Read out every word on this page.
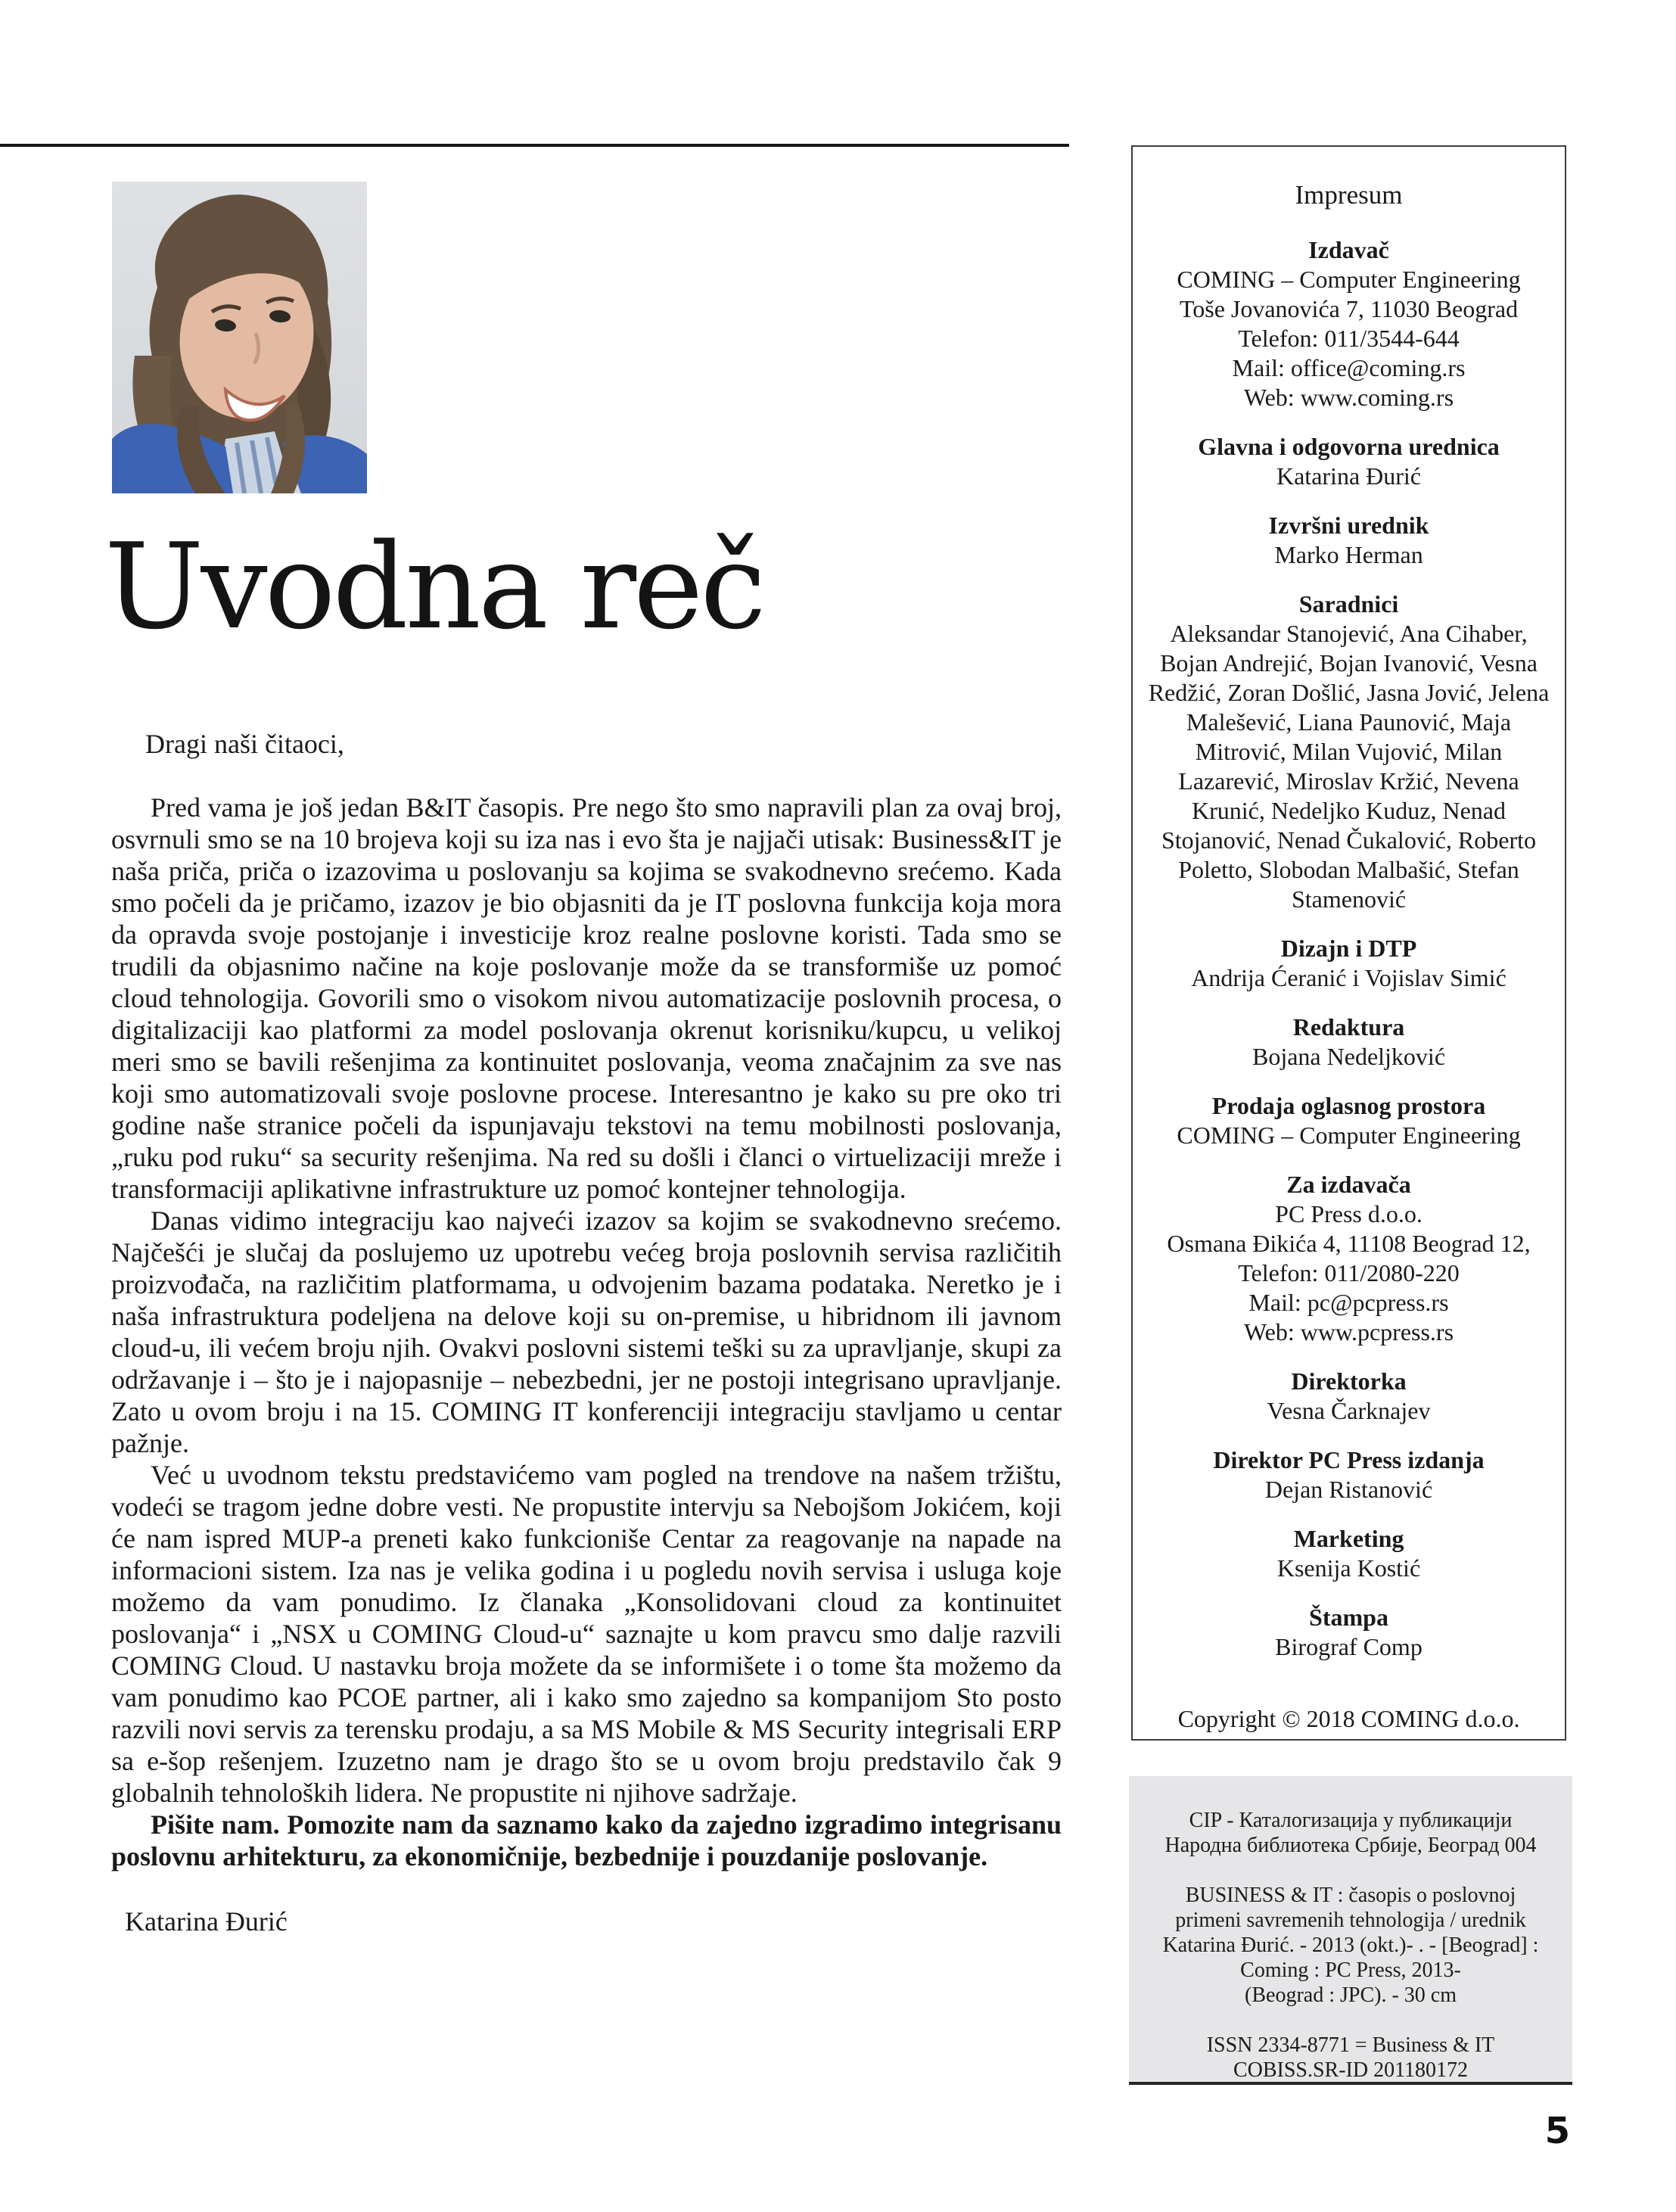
Uvodna reč
Dragi naši čitaoci,

Pred vama je još jedan B&IT časopis. Pre nego što smo napravili plan za ovaj broj, osvrnuli smo se na 10 brojeva koji su iza nas i evo šta je najjači utisak: Business&IT je naša priča, priča o izazovima u poslovanju sa kojima se svakodnevno srećemo. Kada smo počeli da je pričamo, izazov je bio objasniti da je IT poslovna funkcija koja mora da opravda svoje postojanje i investicije kroz realne poslovne koristi. Tada smo se trudili da objasnimo načine na koje poslovanje može da se transformiše uz pomoć cloud tehnologija. Govorili smo o visokom nivou automatizacije poslovnih procesa, o digitalizaciji kao platformi za model poslovanja okrenut korisniku/kupcu, u velikoj meri smo se bavili rešenjima za kontinuitet poslovanja, veoma značajnim za sve nas koji smo automatizovali svoje poslovne procese. Interesantno je kako su pre oko tri godine naše stranice počeli da ispunjavaju tekstovi na temu mobilnosti poslovanja, „ruku pod ruku“ sa security rešenjima. Na red su došli i članci o virtuelizaciji mreže i transformaciji aplikativne infrastrukture uz pomoć kontejner tehnologija.

Danas vidimo integraciju kao najveći izazov sa kojim se svakodnevno srećemo. Najčešći je slučaj da poslujemo uz upotrebu većeg broja poslovnih servisa različitih proizvođača, na različitim platformama, u odvojenim bazama podataka. Neretko je i naša infrastruktura podeljena na delove koji su on-premise, u hibridnom ili javnom cloud-u, ili većem broju njih. Ovakvi poslovni sistemi teški su za upravljanje, skupi za održavanje i – što je i najopasnije – nebezbedni, jer ne postoji integrisano upravljanje. Zato u ovom broju i na 15. COMING IT konferenciji integraciju stavljamo u centar pažnje.

Već u uvodnom tekstu predstavićemo vam pogled na trendove na našem tržištu, vodeći se tragom jedne dobre vesti. Ne propustite intervju sa Nebojšom Jokićem, koji će nam ispred MUP-a preneti kako funkcioniše Centar za reagovanje na napade na informacioni sistem. Iza nas je velika godina i u pogledu novih servisa i usluga koje možemo da vam ponudimo. Iz članaka „Konsolidovani cloud za kontinuitet poslovanja“ i „NSX u COMING Cloud-u“ saznajte u kom pravcu smo dalje razvili COMING Cloud. U nastavku broja možete da se informišete i o tome šta možemo da vam ponudimo kao PCOE partner, ali i kako smo zajedno sa kompanijom Sto posto razvili novi servis za terensku prodaju, a sa MS Mobile & MS Security integrisali ERP sa e-šop rešenjem. Izuzetno nam je drago što se u ovom broju predstavilo čak 9 globalnih tehnoloških lidera. Ne propustite ni njihove sadržaje.

Pišite nam. Pomozite nam da saznamo kako da zajedno izgradimo integrisanu poslovnu arhitekturu, za ekonomičnije, bezbednije i pouzdanije poslovanje.

Katarina Đurić
Impresum
Izdavač
COMING – Computer Engineering
Toše Jovanovića 7, 11030 Beograd
Telefon: 011/3544-644
Mail: office@coming.rs
Web: www.coming.rs
Glavna i odgovorna urednica
Katarina Đurić
Izvršni urednik
Marko Herman
Saradnici
Aleksandar Stanojević, Ana Cihaber, Bojan Andrejić, Bojan Ivanović, Vesna Redžić, Zoran Došlić, Jasna Jović, Jelena Malešević, Liana Paunović, Maja Mitrović, Milan Vujović, Milan Lazarević, Miroslav Kržić, Nevena Krunić, Nedeljko Kuduz, Nenad Stojanović, Nenad Čukalović, Roberto Poletto, Slobodan Malbašić, Stefan Stamenović
Dizajn i DTP
Andrija Ćeranić i Vojislav Simić
Redaktura
Bojana Nedeljković
Prodaja oglasnog prostora
COMING – Computer Engineering
Za izdavača
PC Press d.o.o.
Osmana Đikića 4, 11108 Beograd 12,
Telefon: 011/2080-220
Mail: pc@pcpress.rs
Web: www.pcpress.rs
Direktorka
Vesna Čarknajev
Direktor PC Press izdanja
Dejan Ristanović
Marketing
Ksenija Kostić
Štampa
Birograf Comp
Copyright © 2018 COMING d.o.o.
CIP - Каталогизација у публикацији
Народна библиотека Србије, Београд 004
BUSINESS & IT : časopis o poslovnoj
primeni savremenih tehnologija / urednik
Katarina Đurić. - 2013 (okt.)- . - [Beograd] :
Coming : PC Press, 2013-
(Beograd : JPC). - 30 cm
ISSN 2334-8771 = Business & IT
COBISS.SR-ID 201180172
5
